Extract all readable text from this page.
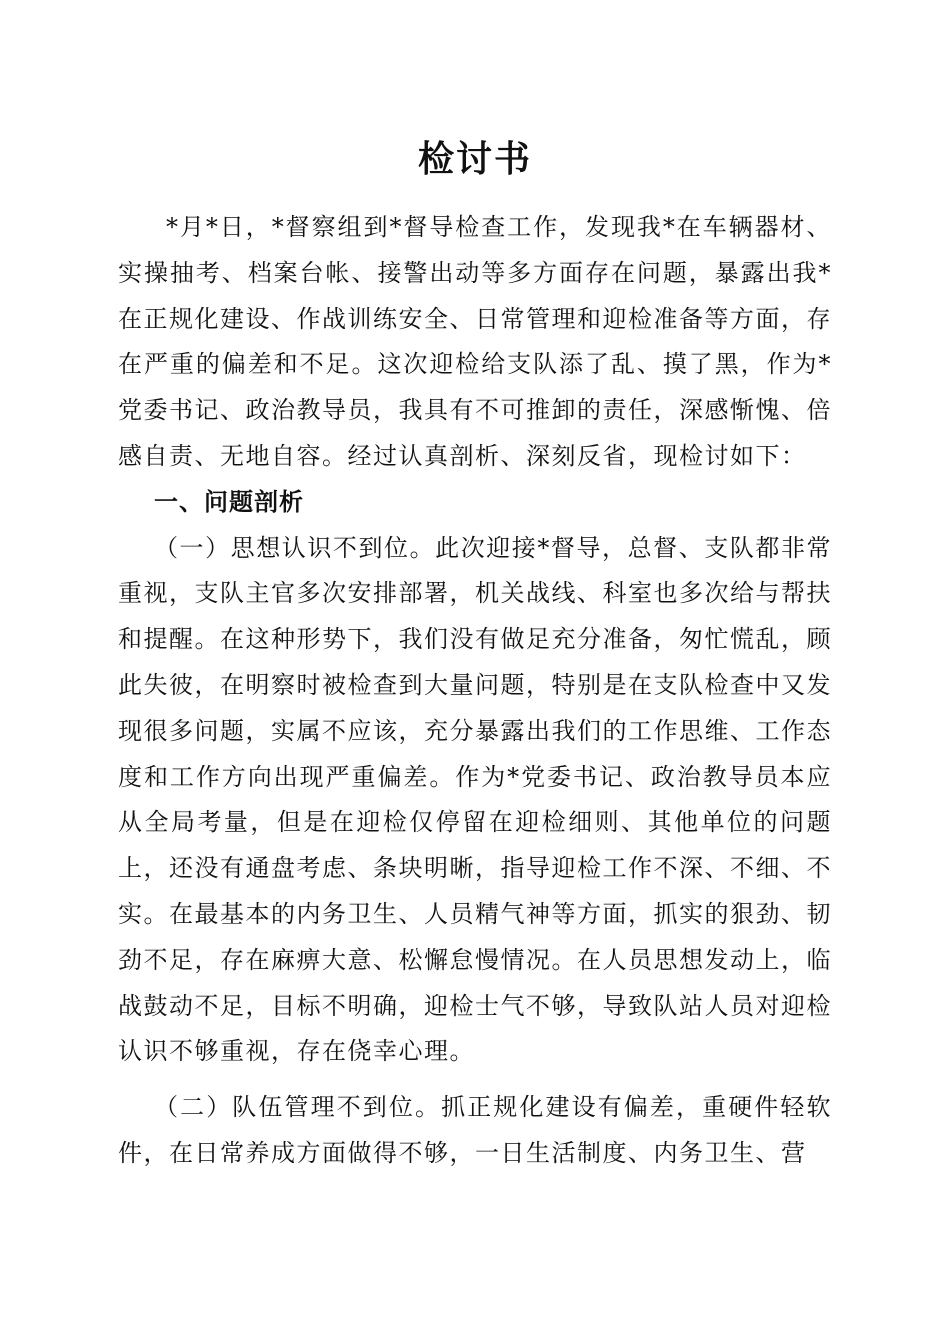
检讨书

*月*日，*督察组到*督导检查工作，发现我*在车辆器材、实操抽考、档案台帐、接警出动等多方面存在问题，暴露出我*在正规化建设、作战训练安全、日常管理和迎检准备等方面，存在严重的偏差和不足。这次迎检给支队添了乱、摸了黑，作为*党委书记、政治教导员，我具有不可推卸的责任，深感惭愧、倍感自责、无地自容。经过认真剖析、深刻反省，现检讨如下：

一、问题剖析

（一）思想认识不到位。此次迎接*督导，总督、支队都非常重视，支队主官多次安排部署，机关战线、科室也多次给与帮扶和提醒。在这种形势下，我们没有做足充分准备，匆忙慌乱，顾此失彼，在明察时被检查到大量问题，特别是在支队检查中又发现很多问题，实属不应该，充分暴露出我们的工作思维、工作态度和工作方向出现严重偏差。作为*党委书记、政治教导员本应从全局考量，但是在迎检仅停留在迎检细则、其他单位的问题上，还没有通盘考虑、条块明晰，指导迎检工作不深、不细、不实。在最基本的内务卫生、人员精气神等方面，抓实的狠劲、韧劲不足，存在麻痹大意、松懈怠慢情况。在人员思想发动上，临战鼓动不足，目标不明确，迎检士气不够，导致队站人员对迎检认识不够重视，存在侥幸心理。

（二）队伍管理不到位。抓正规化建设有偏差，重硬件轻软件，在日常养成方面做得不够，一日生活制度、内务卫生、营
